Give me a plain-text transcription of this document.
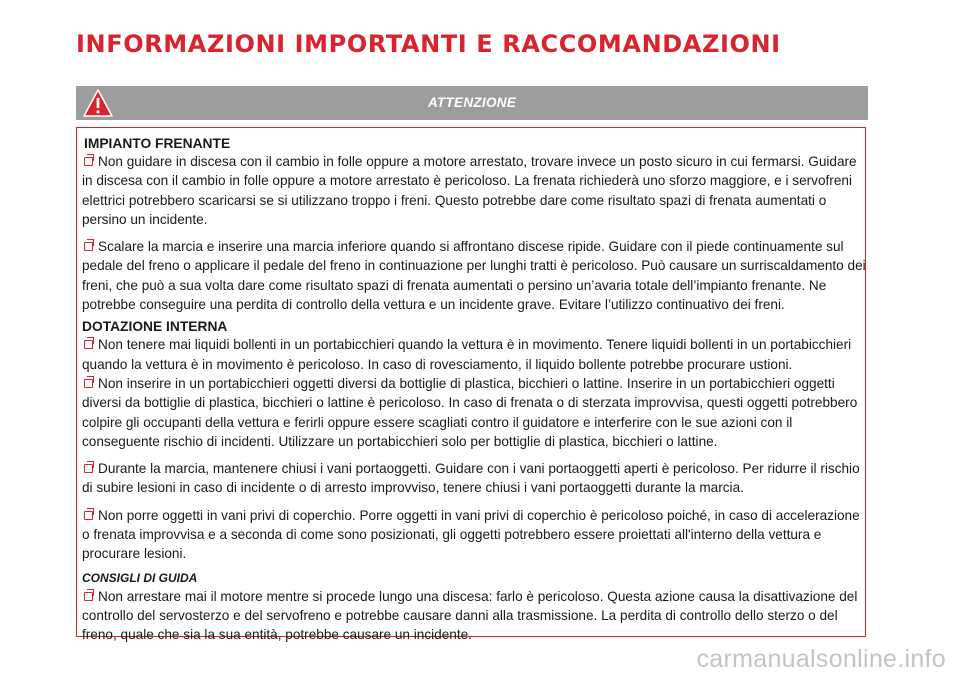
INFORMAZIONI IMPORTANTI E RACCOMANDAZIONI
ATTENZIONE
IMPIANTO FRENANTE

Non guidare in discesa con il cambio in folle oppure a motore arrestato, trovare invece un posto sicuro in cui fermarsi. Guidare in discesa con il cambio in folle oppure a motore arrestato è pericoloso. La frenata richiederà uno sforzo maggiore, e i servofreni elettrici potrebbero scaricarsi se si utilizzano troppo i freni. Questo potrebbe dare come risultato spazi di frenata aumentati o persino un incidente.

Scalare la marcia e inserire una marcia inferiore quando si affrontano discese ripide. Guidare con il piede continuamente sul pedale del freno o applicare il pedale del freno in continuazione per lunghi tratti è pericoloso. Può causare un surriscaldamento dei freni, che può a sua volta dare come risultato spazi di frenata aumentati o persino un’avaria totale dell’impianto frenante. Ne potrebbe conseguire una perdita di controllo della vettura e un incidente grave. Evitare l’utilizzo continuativo dei freni.

DOTAZIONE INTERNA

Non tenere mai liquidi bollenti in un portabicchieri quando la vettura è in movimento. Tenere liquidi bollenti in un portabicchieri quando la vettura è in movimento è pericoloso. In caso di rovesciamento, il liquido bollente potrebbe procurare ustioni.

Non inserire in un portabicchieri oggetti diversi da bottiglie di plastica, bicchieri o lattine. Inserire in un portabicchieri oggetti diversi da bottiglie di plastica, bicchieri o lattine è pericoloso. In caso di frenata o di sterzata improvvisa, questi oggetti potrebbero colpire gli occupanti della vettura e ferirli oppure essere scagliati contro il guidatore e interferire con le sue azioni con il conseguente rischio di incidenti. Utilizzare un portabicchieri solo per bottiglie di plastica, bicchieri o lattine.

Durante la marcia, mantenere chiusi i vani portaoggetti. Guidare con i vani portaoggetti aperti è pericoloso. Per ridurre il rischio di subire lesioni in caso di incidente o di arresto improvviso, tenere chiusi i vani portaoggetti durante la marcia.

Non porre oggetti in vani privi di coperchio. Porre oggetti in vani privi di coperchio è pericoloso poiché, in caso di accelerazione o frenata improvvisa e a seconda di come sono posizionati, gli oggetti potrebbero essere proiettati all'interno della vettura e procurare lesioni.

CONSIGLI DI GUIDA

Non arrestare mai il motore mentre si procede lungo una discesa: farlo è pericoloso. Questa azione causa la disattivazione del controllo del servosterzo e del servofreno e potrebbe causare danni alla trasmissione. La perdita di controllo dello sterzo o del freno, quale che sia la sua entità, potrebbe causare un incidente.

carmanualsonline.info
